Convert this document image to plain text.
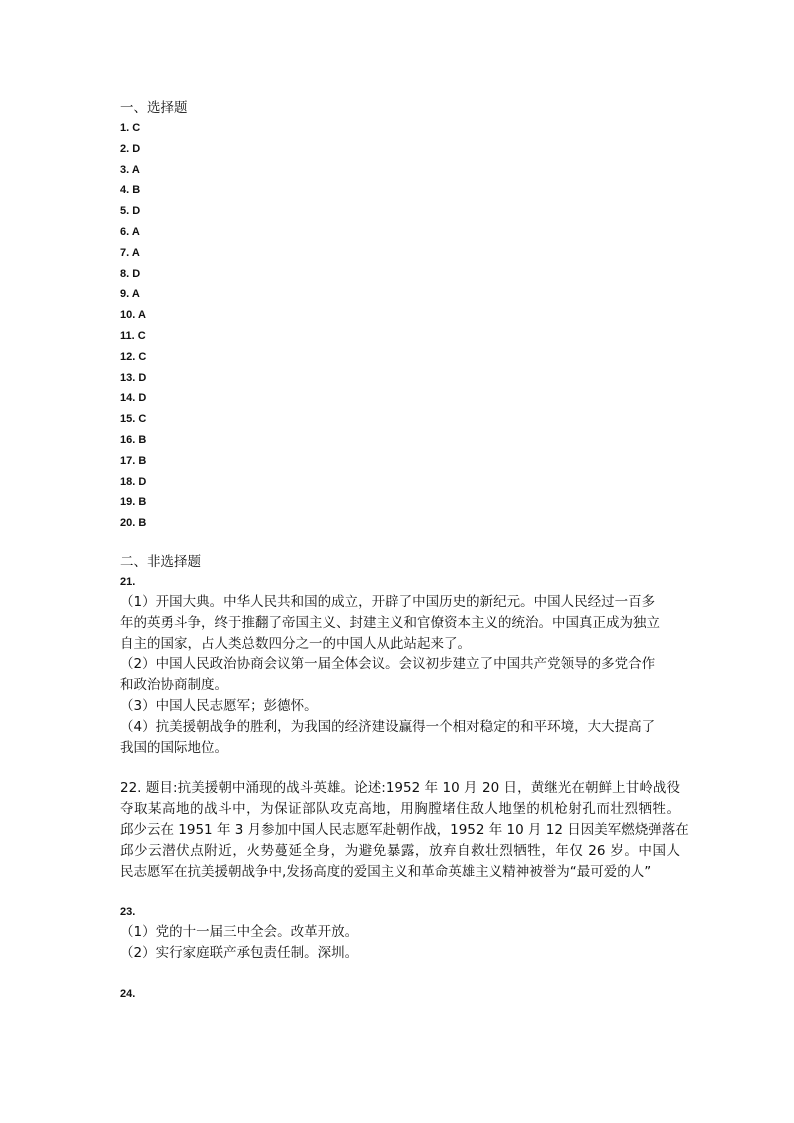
一、选择题
1. C
2. D
3. A
4. B
5. D
6. A
7. A
8. D
9. A
10. A
11. C
12. C
13. D
14. D
15. C
16. B
17. B
18. D
19. B
20. B
二、非选择题
21.

（1）开国大典。中华人民共和国的成立，开辟了中国历史的新纪元。中国人民经过一百多
年的英勇斗争，终于推翻了帝国主义、封建主义和官僚资本主义的统治。中国真正成为独立
自主的国家，占人类总数四分之一的中国人从此站起来了。
（2）中国人民政治协商会议第一届全体会议。会议初步建立了中国共产党领导的多党合作
和政治协商制度。
（3）中国人民志愿军；彭德怀。
（4）抗美援朝战争的胜利，为我国的经济建设赢得一个相对稳定的和平环境，大大提高了
我国的国际地位。

22. 题目:抗美援朝中涌现的战斗英雄。论述:1952 年 10 月 20 日，黄继光在朝鲜上甘岭战役
夺取某高地的战斗中，为保证部队攻克高地，用胸膛堵住敌人地堡的机枪射孔而壮烈牺牲。
邱少云在 1951 年 3 月参加中国人民志愿军赴朝作战，1952 年 10 月 12 日因美军燃烧弹落在
邱少云潜伏点附近，火势蔓延全身，为避免暴露，放弃自救壮烈牺牲，年仅 26 岁。中国人
民志愿军在抗美援朝战争中,发扬高度的爱国主义和革命英雄主义精神被誉为“最可爱的人”

23.

（1）党的十一届三中全会。改革开放。
（2）实行家庭联产承包责任制。深圳。

24.
